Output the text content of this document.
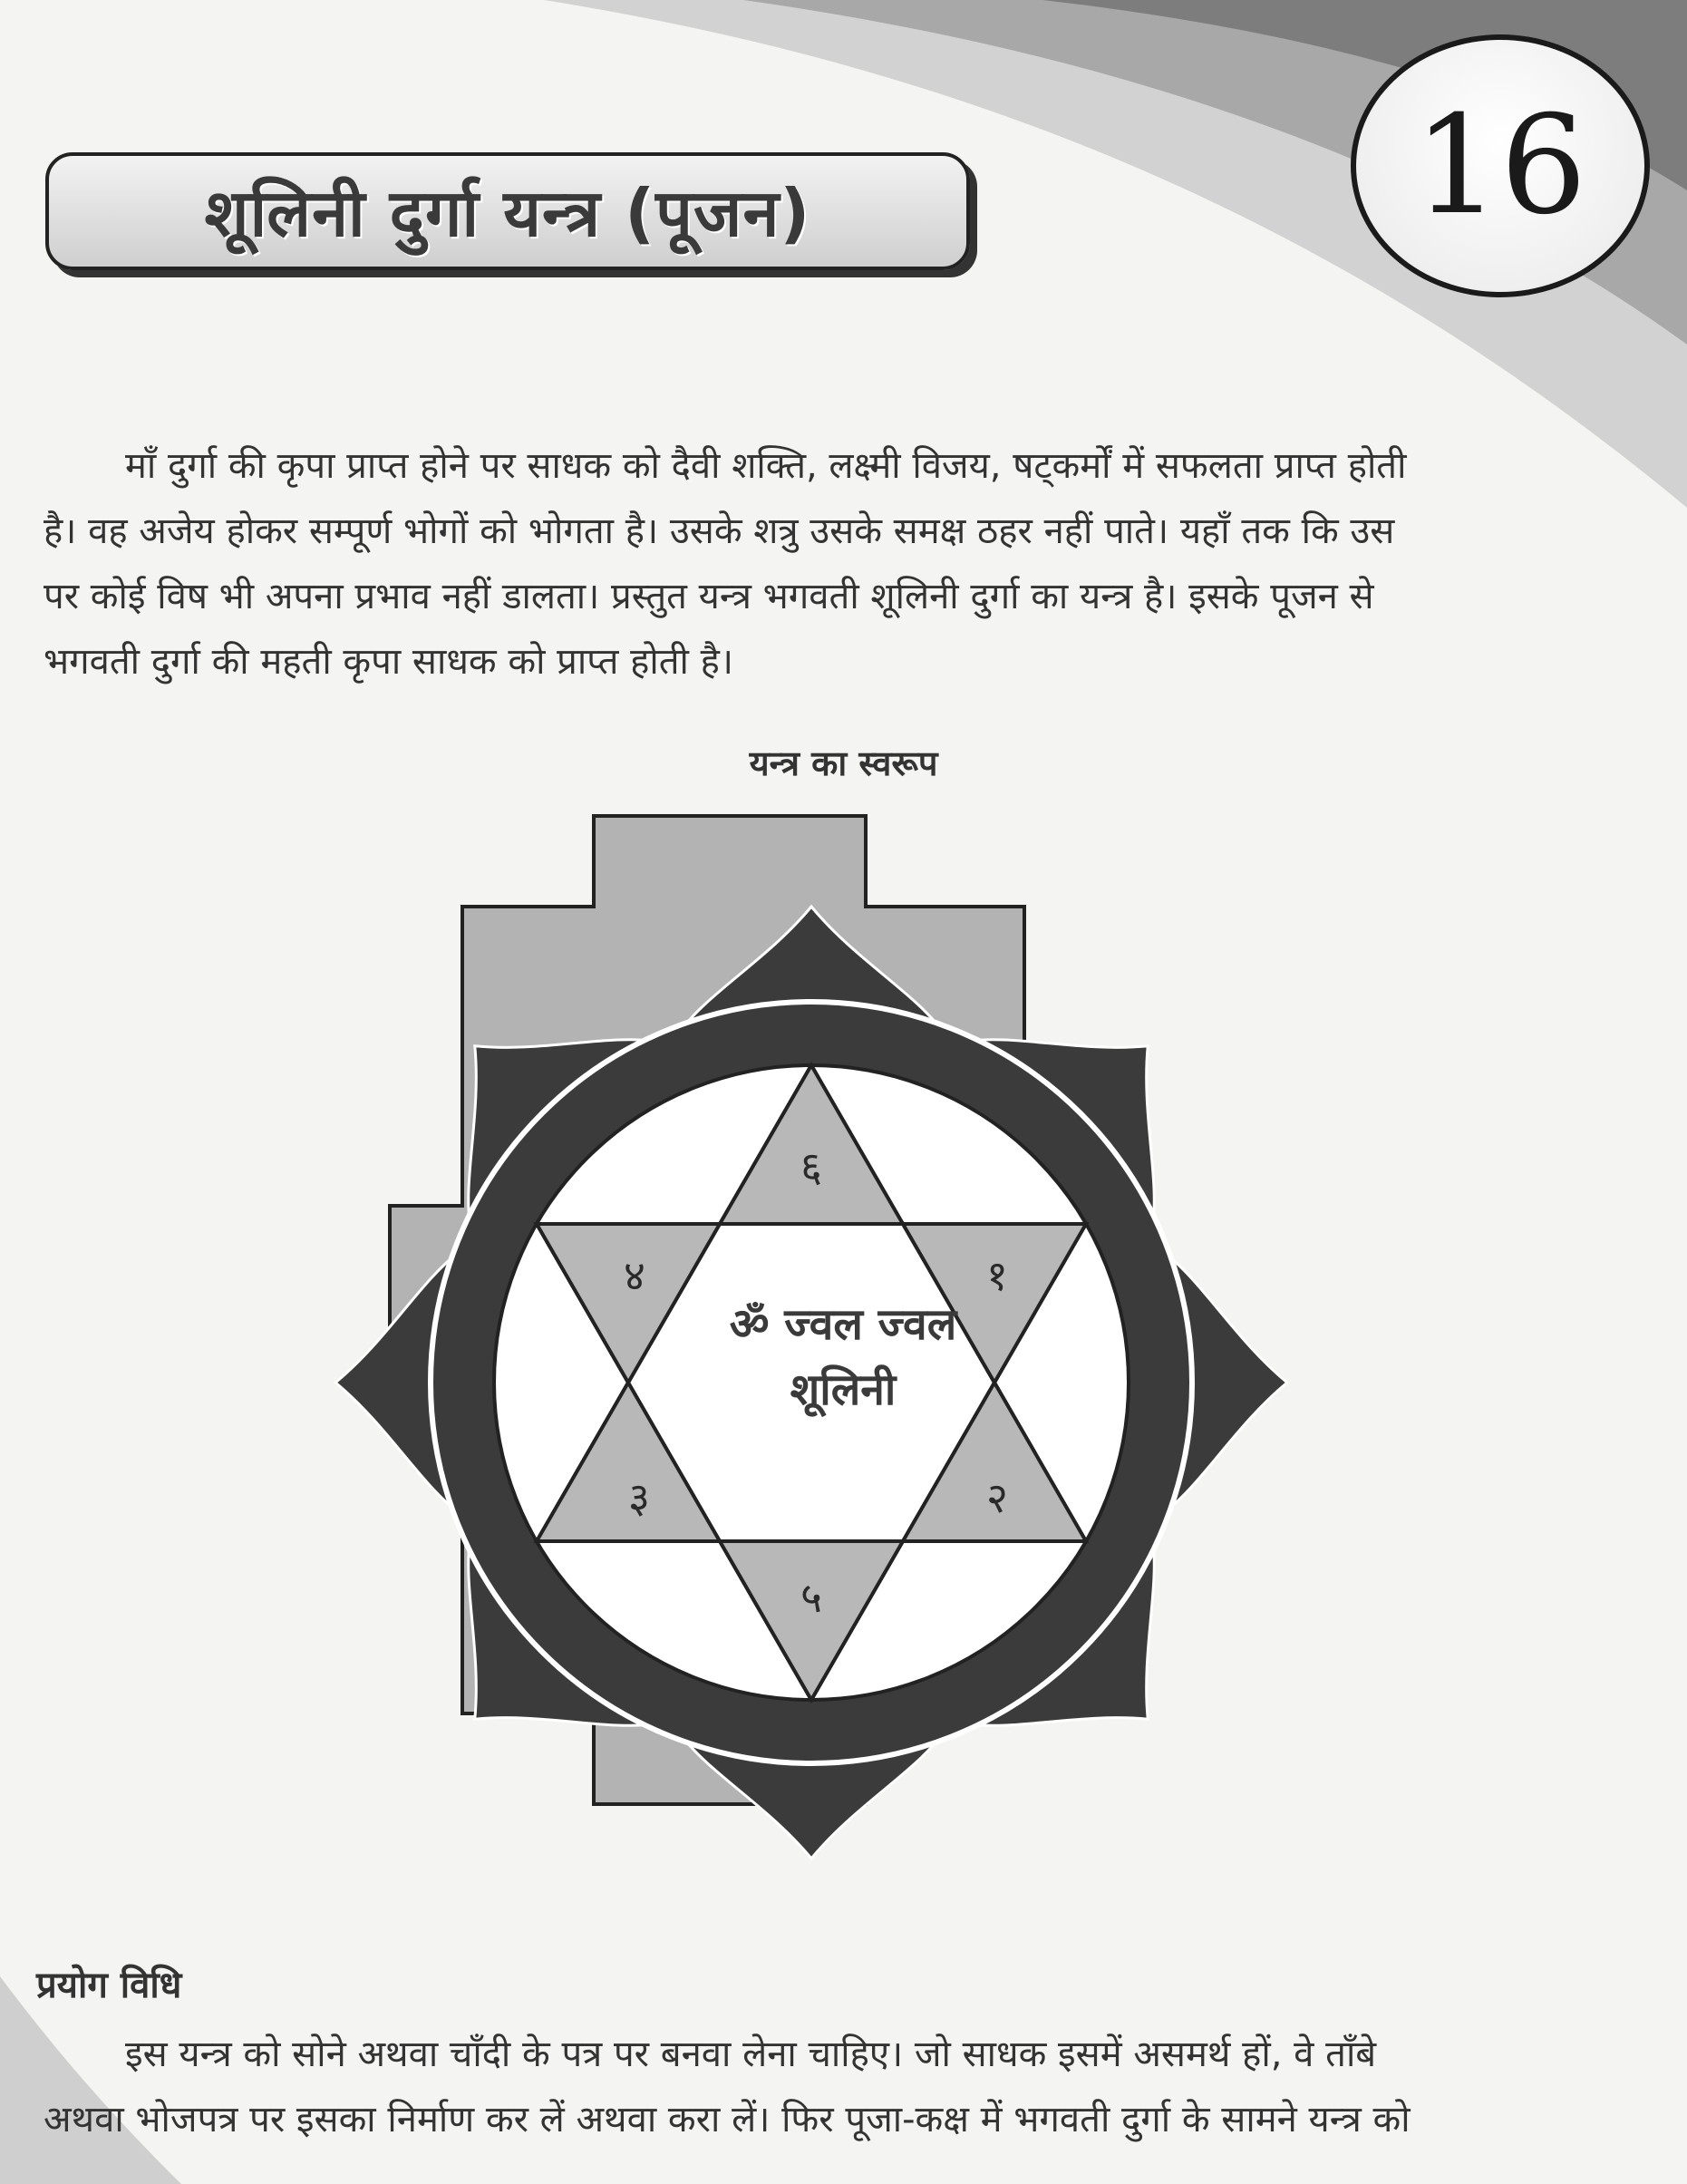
शूलिनी दुर्गा यन्त्र (पूजन)	16
माँ दुर्गा की कृपा प्राप्त होने पर साधक को दैवी शक्ति, लक्ष्मी विजय, षट्कर्मों में सफलता प्राप्त होती
है। वह अजेय होकर सम्पूर्ण भोगों को भोगता है। उसके शत्रु उसके समक्ष ठहर नहीं पाते। यहाँ तक कि उस
पर कोई विष भी अपना प्रभाव नहीं डालता। प्रस्तुत यन्त्र भगवती शूलिनी दुर्गा का यन्त्र है। इसके पूजन से
भगवती दुर्गा की महती कृपा साधक को प्राप्त होती है।
यन्त्र का स्वरूप
६
४	१
३	२
५
ॐ ज्वल ज्वल
शूलिनी
प्रयोग विधि
इस यन्त्र को सोने अथवा चाँदी के पत्र पर बनवा लेना चाहिए। जो साधक इसमें असमर्थ हों, वे ताँबे
अथवा भोजपत्र पर इसका निर्माण कर लें अथवा करा लें। फिर पूजा-कक्ष में भगवती दुर्गा के सामने यन्त्र को
